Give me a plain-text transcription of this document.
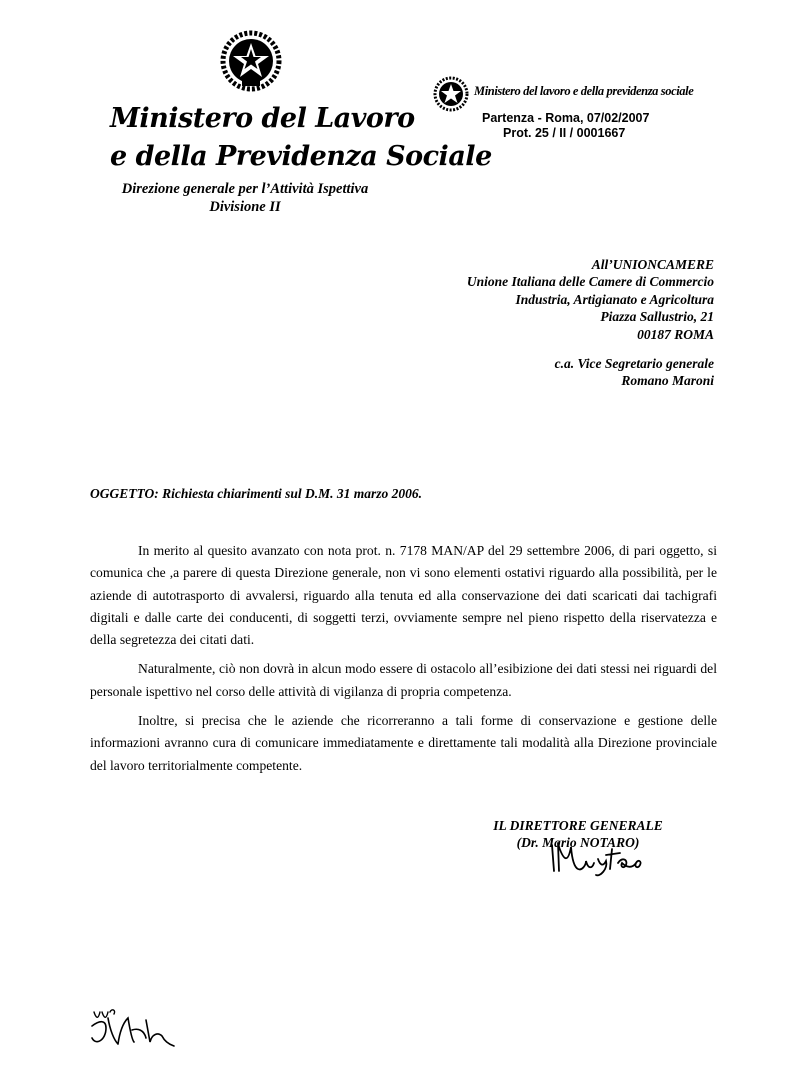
Ministero del Lavoro
e della Previdenza Sociale
Direzione generale per l’Attività Ispettiva
Divisione II
Ministero del lavoro e della previdenza sociale
Partenza - Roma, 07/02/2007
Prot. 25 / II / 0001667
All’UNIONCAMERE
Unione Italiana delle Camere di Commercio
Industria, Artigianato e Agricoltura
Piazza Sallustrio, 21
00187 ROMA
c.a. Vice Segretario generale
Romano Maroni
OGGETTO: Richiesta chiarimenti sul D.M. 31 marzo 2006.

In merito al quesito avanzato con nota prot. n. 7178 MAN/AP del 29 settembre 2006, di pari oggetto, si comunica che ,a parere di questa Direzione generale, non vi sono elementi ostativi riguardo alla possibilità, per le aziende di autotrasporto di avvalersi, riguardo alla tenuta ed alla conservazione dei dati scaricati dai tachigrafi digitali e dalle carte dei conducenti, di soggetti terzi, ovviamente sempre nel pieno rispetto della riservatezza e della segretezza dei citati dati.

Naturalmente, ciò non dovrà in alcun modo essere di ostacolo all’esibizione dei dati stessi nei riguardi del personale ispettivo nel corso delle attività di vigilanza di propria competenza.

Inoltre, si precisa che le aziende che ricorreranno a tali forme di conservazione e gestione delle informazioni avranno cura di comunicare immediatamente e direttamente tali modalità alla Direzione provinciale del lavoro territorialmente competente.

IL DIRETTORE GENERALE
(Dr. Mario NOTARO)
